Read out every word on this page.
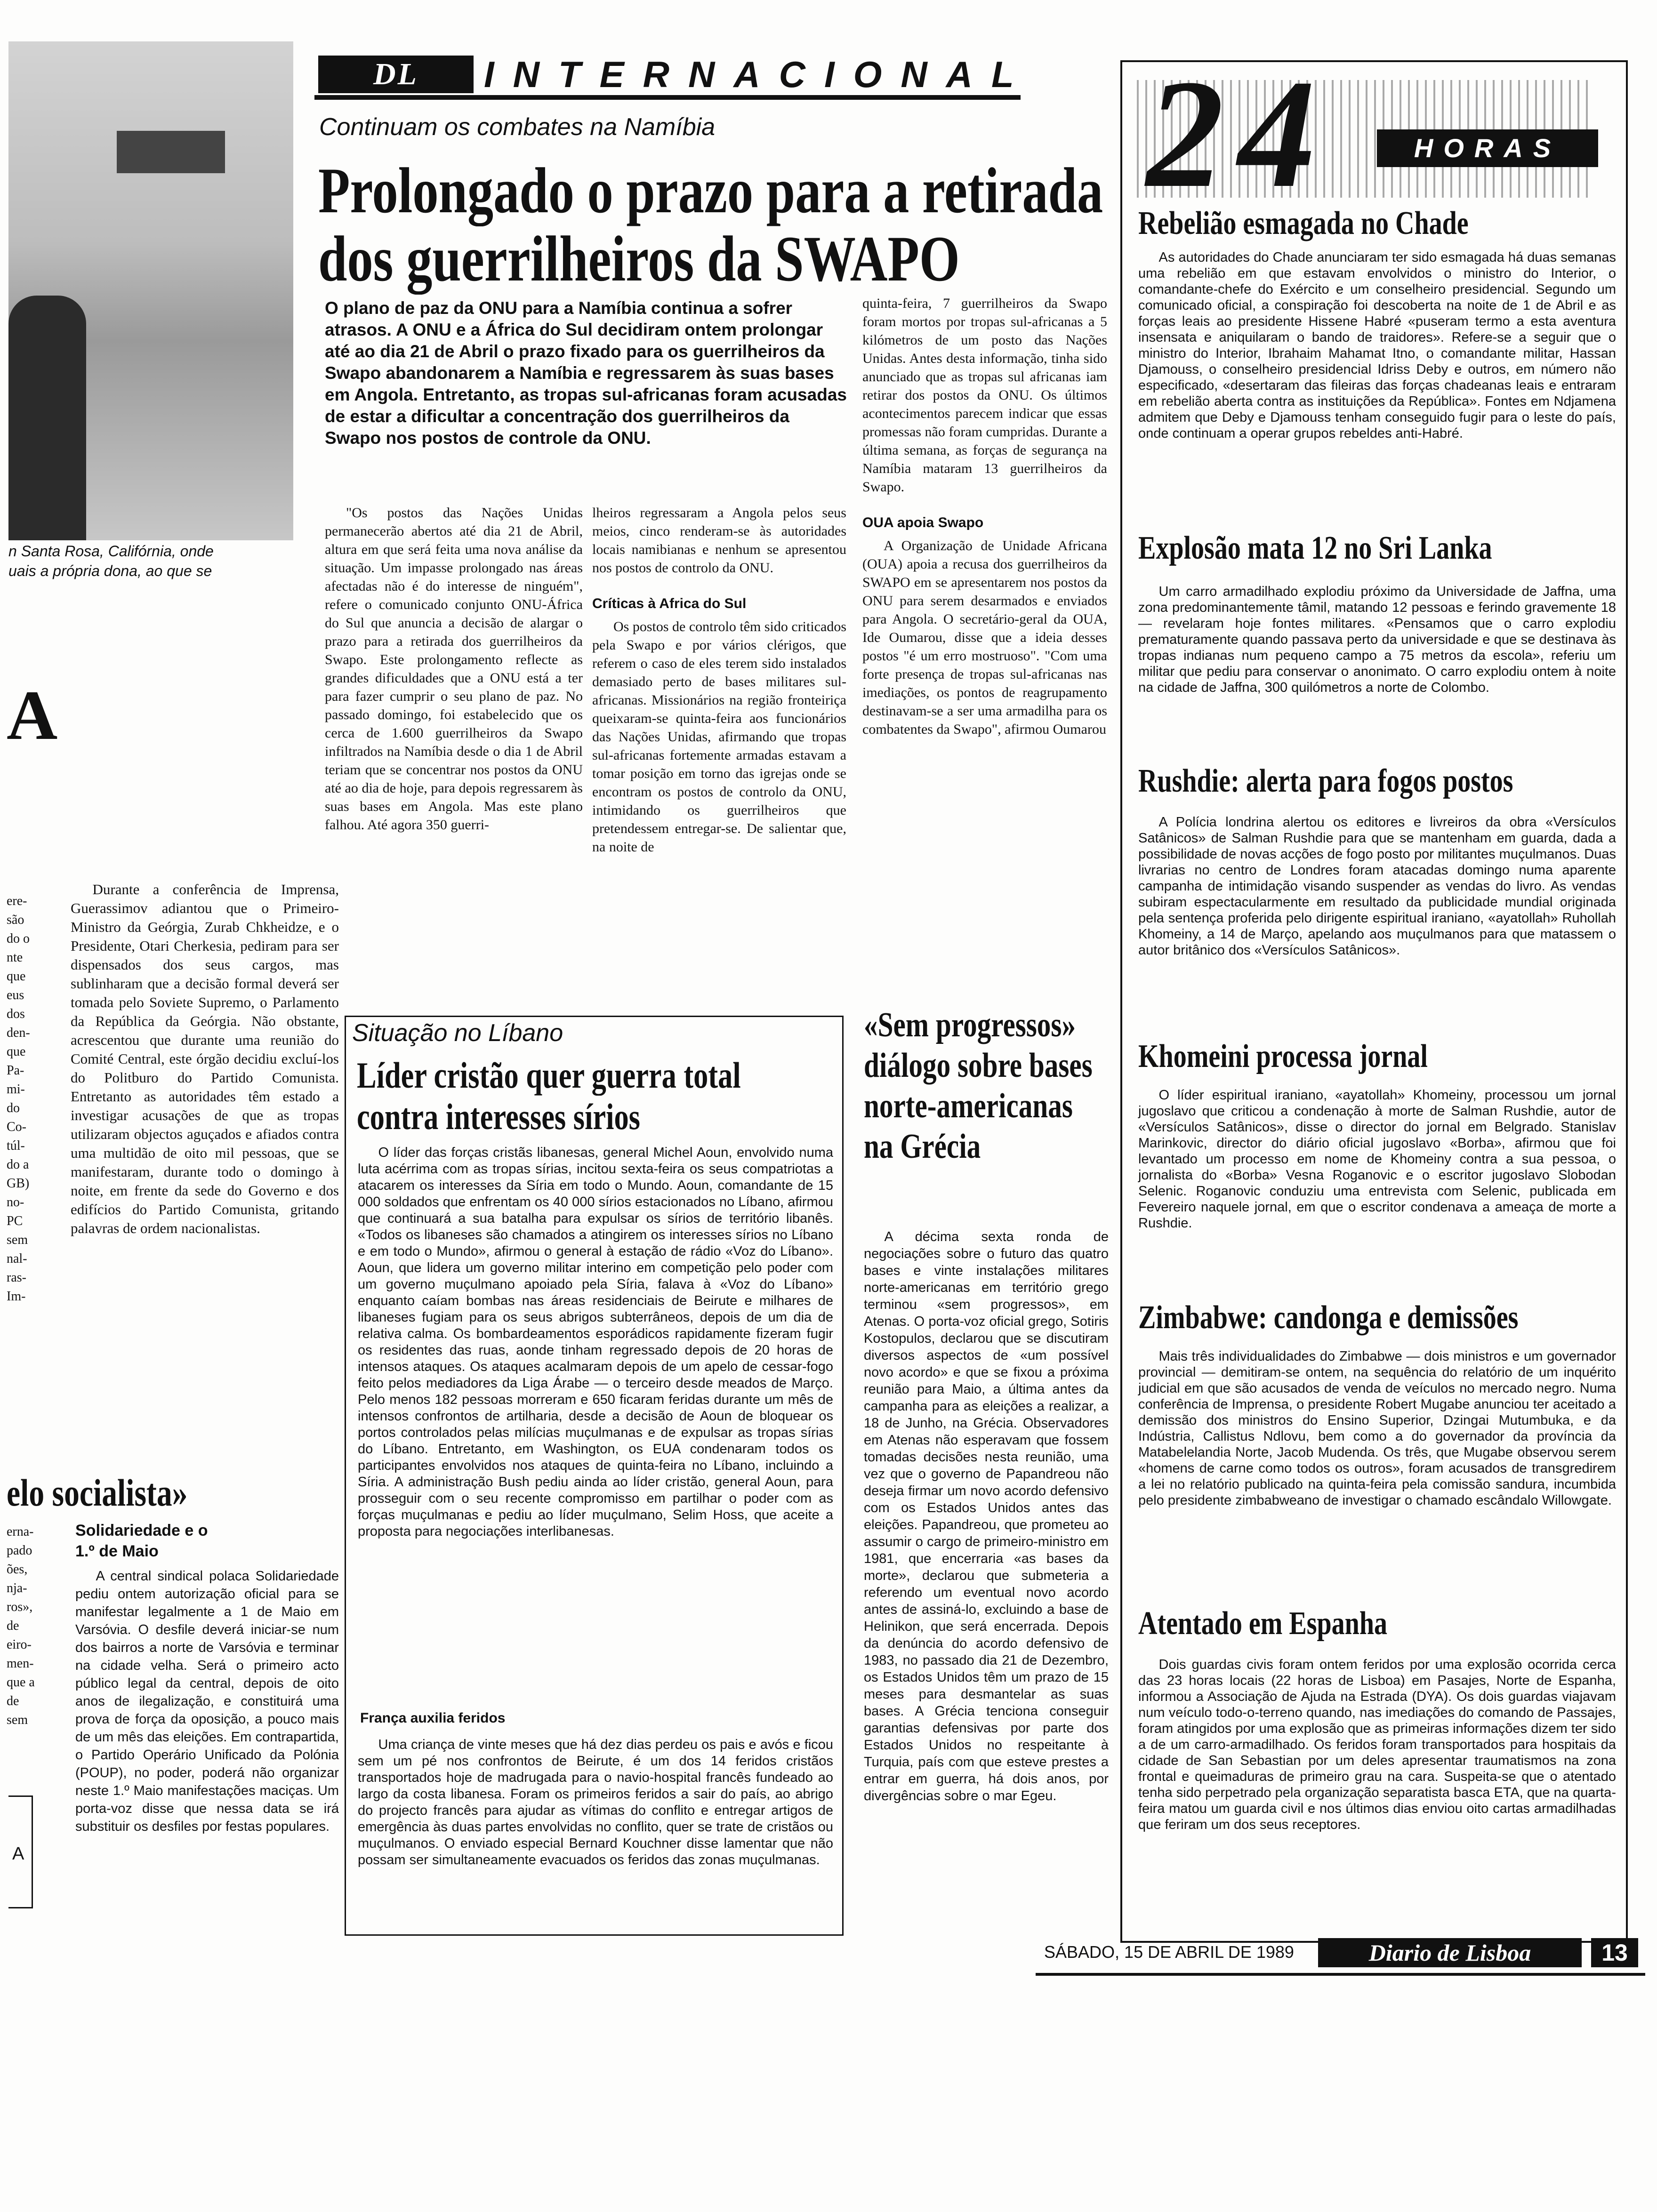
n Santa Rosa, Califórnia, onde
uais a própria dona, ao que se
A
ere- são do o nte que eus dos den- que Pa- mi- do Co- túl- do a GB) no- PC sem nal- ras- Im-
Durante a conferência de Imprensa, Guerassimov adiantou que o Primeiro-Ministro da Geórgia, Zurab Chkheidze, e o Presidente, Otari Cherkesia, pediram para ser dispensados dos seus cargos, mas sublinharam que a decisão formal deverá ser tomada pelo Soviete Supremo, o Parlamento da República da Geórgia. Não obstante, acrescentou que durante uma reunião do Comité Central, este órgão decidiu excluí-los do Politburo do Partido Comunista. Entretanto as autoridades têm estado a investigar acusações de que as tropas utilizaram objectos aguçados e afiados contra uma multidão de oito mil pessoas, que se manifestaram, durante todo o domingo à noite, em frente da sede do Governo e dos edifícios do Partido Comunista, gritando palavras de ordem nacionalistas.
elo socialista»
erna- pado ões, nja- ros», de eiro- men- que a de sem
Solidariedade e o 1.º de Maio
A central sindical polaca Solidariedade pediu ontem autorização oficial para se manifestar legalmente a 1 de Maio em Varsóvia. O desfile deverá iniciar-se num dos bairros a norte de Varsóvia e terminar na cidade velha. Será o primeiro acto público legal da central, depois de oito anos de ilegalização, e constituirá uma prova de força da oposição, a pouco mais de um mês das eleições. Em contrapartida, o Partido Operário Unificado da Polónia (POUP), no poder, poderá não organizar neste 1.º Maio manifestações maciças. Um porta-voz disse que nessa data se irá substituir os desfiles por festas populares.
A
DL	INTERNACIONAL
Continuam os combates na Namíbia
Prolongado o prazo para a retirada
dos guerrilheiros da SWAPO
O plano de paz da ONU para a Namíbia continua a sofrer atrasos. A ONU e a África do Sul decidiram ontem prolongar até ao dia 21 de Abril o prazo fixado para os guerrilheiros da Swapo abandonarem a Namíbia e regressarem às suas bases em Angola. Entretanto, as tropas sul-africanas foram acusadas de estar a dificultar a concentração dos guerrilheiros da Swapo nos postos de controle da ONU.
"Os postos das Nações Unidas permanecerão abertos até dia 21 de Abril, altura em que será feita uma nova análise da situação. Um impasse prolongado nas áreas afectadas não é do interesse de ninguém", refere o comunicado conjunto ONU-África do Sul que anuncia a decisão de alargar o prazo para a retirada dos guerrilheiros da Swapo. Este prolongamento reflecte as grandes dificuldades que a ONU está a ter para fazer cumprir o seu plano de paz. No passado domingo, foi estabelecido que os cerca de 1.600 guerrilheiros da Swapo infiltrados na Namíbia desde o dia 1 de Abril teriam que se concentrar nos postos da ONU até ao dia de hoje, para depois regressarem às suas bases em Angola. Mas este plano falhou. Até agora 350 guerri-
lheiros regressaram a Angola pelos seus meios, cinco renderam-se às autoridades locais namibianas e nenhum se apresentou nos postos de controlo da ONU.
Críticas à Africa do Sul
Os postos de controlo têm sido criticados pela Swapo e por vários clérigos, que referem o caso de eles terem sido instalados demasiado perto de bases militares sul-africanas. Missionários na região fronteiriça queixaram-se quinta-feira aos funcionários das Nações Unidas, afirmando que tropas sul-africanas fortemente armadas estavam a tomar posição em torno das igrejas onde se encontram os postos de controlo da ONU, intimidando os guerrilheiros que pretendessem entregar-se. De salientar que, na noite de
quinta-feira, 7 guerrilheiros da Swapo foram mortos por tropas sul-africanas a 5 kilómetros de um posto das Nações Unidas. Antes desta informação, tinha sido anunciado que as tropas sul africanas iam retirar dos postos da ONU. Os últimos acontecimentos parecem indicar que essas promessas não foram cumpridas. Durante a última semana, as forças de segurança na Namíbia mataram 13 guerrilheiros da Swapo.
OUA apoia Swapo
A Organização de Unidade Africana (OUA) apoia a recusa dos guerrilheiros da SWAPO em se apresentarem nos postos da ONU para serem desarmados e enviados para Angola. O secretário-geral da OUA, Ide Oumarou, disse que a ideia desses postos "é um erro mostruoso". "Com uma forte presença de tropas sul-africanas nas imediações, os pontos de reagrupamento destinavam-se a ser uma armadilha para os combatentes da Swapo", afirmou Oumarou
Situação no Líbano
Líder cristão quer guerra total
contra interesses sírios
O líder das forças cristãs libanesas, general Michel Aoun, envolvido numa luta acérrima com as tropas sírias, incitou sexta-feira os seus compatriotas a atacarem os interesses da Síria em todo o Mundo. Aoun, comandante de 15 000 soldados que enfrentam os 40 000 sírios estacionados no Líbano, afirmou que continuará a sua batalha para expulsar os sírios de território libanês. «Todos os libaneses são chamados a atingirem os interesses sírios no Líbano e em todo o Mundo», afirmou o general à estação de rádio «Voz do Líbano». Aoun, que lidera um governo militar interino em competição pelo poder com um governo muçulmano apoiado pela Síria, falava à «Voz do Líbano» enquanto caíam bombas nas áreas residenciais de Beirute e milhares de libaneses fugiam para os seus abrigos subterrâneos, depois de um dia de relativa calma. Os bombardeamentos esporádicos rapidamente fizeram fugir os residentes das ruas, aonde tinham regressado depois de 20 horas de intensos ataques. Os ataques acalmaram depois de um apelo de cessar-fogo feito pelos mediadores da Liga Árabe — o terceiro desde meados de Março. Pelo menos 182 pessoas morreram e 650 ficaram feridas durante um mês de intensos confrontos de artilharia, desde a decisão de Aoun de bloquear os portos controlados pelas milícias muçulmanas e de expulsar as tropas sírias do Líbano. Entretanto, em Washington, os EUA condenaram todos os participantes envolvidos nos ataques de quinta-feira no Líbano, incluindo a Síria. A administração Bush pediu ainda ao líder cristão, general Aoun, para prosseguir com o seu recente compromisso em partilhar o poder com as forças muçulmanas e pediu ao líder muçulmano, Selim Hoss, que aceite a proposta para negociações interlibanesas.
França auxilia feridos
Uma criança de vinte meses que há dez dias perdeu os pais e avós e ficou sem um pé nos confrontos de Beirute, é um dos 14 feridos cristãos transportados hoje de madrugada para o navio-hospital francês fundeado ao largo da costa libanesa. Foram os primeiros feridos a sair do país, ao abrigo do projecto francês para ajudar as vítimas do conflito e entregar artigos de emergência às duas partes envolvidas no conflito, quer se trate de cristãos ou muçulmanos. O enviado especial Bernard Kouchner disse lamentar que não possam ser simultaneamente evacuados os feridos das zonas muçulmanas.
«Sem progressos» diálogo sobre bases norte-americanas na Grécia
A décima sexta ronda de negociações sobre o futuro das quatro bases e vinte instalações militares norte-americanas em território grego terminou «sem progressos», em Atenas. O porta-voz oficial grego, Sotiris Kostopulos, declarou que se discutiram diversos aspectos de «um possível novo acordo» e que se fixou a próxima reunião para Maio, a última antes da campanha para as eleições a realizar, a 18 de Junho, na Grécia. Observadores em Atenas não esperavam que fossem tomadas decisões nesta reunião, uma vez que o governo de Papandreou não deseja firmar um novo acordo defensivo com os Estados Unidos antes das eleições. Papandreou, que prometeu ao assumir o cargo de primeiro-ministro em 1981, que encerraria «as bases da morte», declarou que submeteria a referendo um eventual novo acordo antes de assiná-lo, excluindo a base de Helinikon, que será encerrada. Depois da denúncia do acordo defensivo de 1983, no passado dia 21 de Dezembro, os Estados Unidos têm um prazo de 15 meses para desmantelar as suas bases. A Grécia tenciona conseguir garantias defensivas por parte dos Estados Unidos no respeitante à Turquia, país com que esteve prestes a entrar em guerra, há dois anos, por divergências sobre o mar Egeu.
24	HORAS
Rebelião esmagada no Chade
As autoridades do Chade anunciaram ter sido esmagada há duas semanas uma rebelião em que estavam envolvidos o ministro do Interior, o comandante-chefe do Exército e um conselheiro presidencial. Segundo um comunicado oficial, a conspiração foi descoberta na noite de 1 de Abril e as forças leais ao presidente Hissene Habré «puseram termo a esta aventura insensata e aniquilaram o bando de traidores». Refere-se a seguir que o ministro do Interior, Ibrahaim Mahamat Itno, o comandante militar, Hassan Djamouss, o conselheiro presidencial Idriss Deby e outros, em número não especificado, «desertaram das fileiras das forças chadeanas leais e entraram em rebelião aberta contra as instituições da República». Fontes em Ndjamena admitem que Deby e Djamouss tenham conseguido fugir para o leste do país, onde continuam a operar grupos rebeldes anti-Habré.
Explosão mata 12 no Sri Lanka
Um carro armadilhado explodiu próximo da Universidade de Jaffna, uma zona predominantemente tâmil, matando 12 pessoas e ferindo gravemente 18 — revelaram hoje fontes militares. «Pensamos que o carro explodiu prematuramente quando passava perto da universidade e que se destinava às tropas indianas num pequeno campo a 75 metros da escola», referiu um militar que pediu para conservar o anonimato. O carro explodiu ontem à noite na cidade de Jaffna, 300 quilómetros a norte de Colombo.
Rushdie: alerta para fogos postos
A Polícia londrina alertou os editores e livreiros da obra «Versículos Satânicos» de Salman Rushdie para que se mantenham em guarda, dada a possibilidade de novas acções de fogo posto por militantes muçulmanos. Duas livrarias no centro de Londres foram atacadas domingo numa aparente campanha de intimidação visando suspender as vendas do livro. As vendas subiram espectacularmente em resultado da publicidade mundial originada pela sentença proferida pelo dirigente espiritual iraniano, «ayatollah» Ruhollah Khomeiny, a 14 de Março, apelando aos muçulmanos para que matassem o autor britânico dos «Versículos Satânicos».
Khomeini processa jornal
O líder espiritual iraniano, «ayatollah» Khomeiny, processou um jornal jugoslavo que criticou a condenação à morte de Salman Rushdie, autor de «Versículos Satânicos», disse o director do jornal em Belgrado. Stanislav Marinkovic, director do diário oficial jugoslavo «Borba», afirmou que foi levantado um processo em nome de Khomeiny contra a sua pessoa, o jornalista do «Borba» Vesna Roganovic e o escritor jugoslavo Slobodan Selenic. Roganovic conduziu uma entrevista com Selenic, publicada em Fevereiro naquele jornal, em que o escritor condenava a ameaça de morte a Rushdie.
Zimbabwe: candonga e demissões
Mais três individualidades do Zimbabwe — dois ministros e um governador provincial — demitiram-se ontem, na sequência do relatório de um inquérito judicial em que são acusados de venda de veículos no mercado negro. Numa conferência de Imprensa, o presidente Robert Mugabe anunciou ter aceitado a demissão dos ministros do Ensino Superior, Dzingai Mutumbuka, e da Indústria, Callistus Ndlovu, bem como a do governador da província da Matabelelandia Norte, Jacob Mudenda. Os três, que Mugabe observou serem «homens de carne como todos os outros», foram acusados de transgredirem a lei no relatório publicado na quinta-feira pela comissão sandura, incumbida pelo presidente zimbabweano de investigar o chamado escândalo Willowgate.
Atentado em Espanha
Dois guardas civis foram ontem feridos por uma explosão ocorrida cerca das 23 horas locais (22 horas de Lisboa) em Pasajes, Norte de Espanha, informou a Associação de Ajuda na Estrada (DYA). Os dois guardas viajavam num veículo todo-o-terreno quando, nas imediações do comando de Passajes, foram atingidos por uma explosão que as primeiras informações dizem ter sido a de um carro-armadilhado. Os feridos foram transportados para hospitais da cidade de San Sebastian por um deles apresentar traumatismos na zona frontal e queimaduras de primeiro grau na cara. Suspeita-se que o atentado tenha sido perpetrado pela organização separatista basca ETA, que na quarta-feira matou um guarda civil e nos últimos dias enviou oito cartas armadilhadas que feriram um dos seus receptores.
SÁBADO, 15 DE ABRIL DE 1989	Diario de Lisboa	13
